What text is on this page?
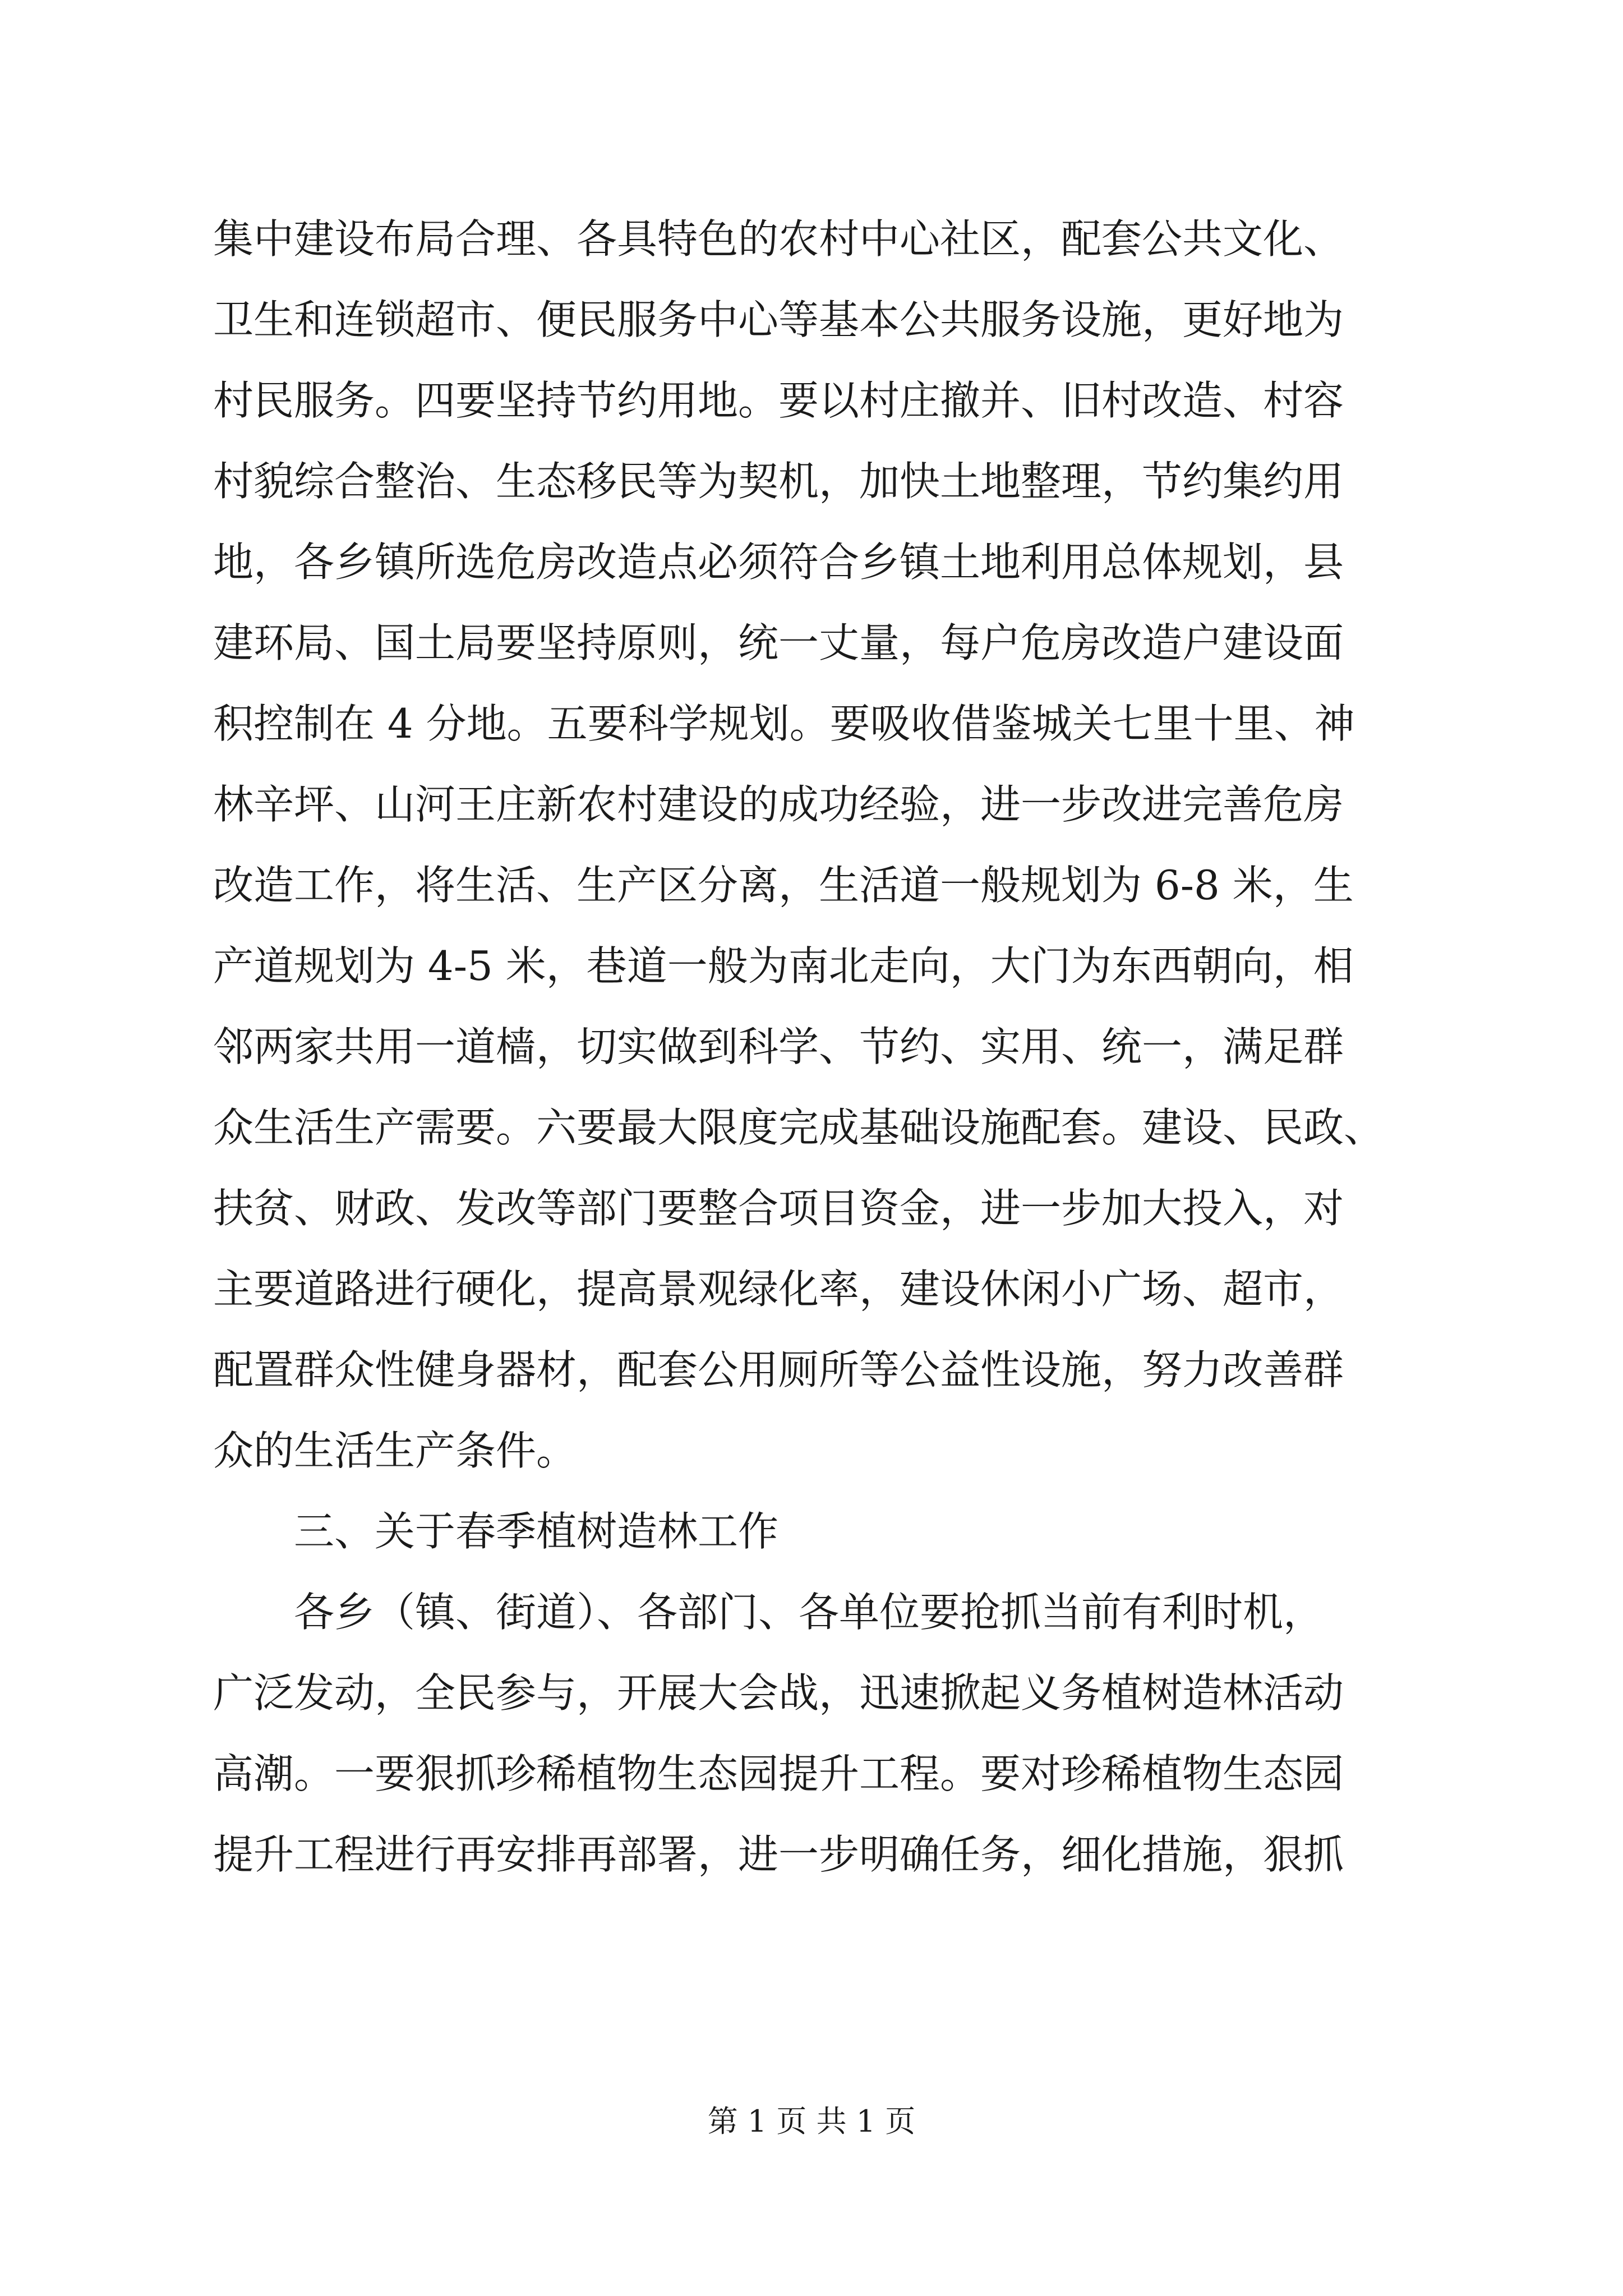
集中建设布局合理、各具特色的农村中心社区，配套公共文化、
卫生和连锁超市、便民服务中心等基本公共服务设施，更好地为
村民服务。四要坚持节约用地。要以村庄撤并、旧村改造、村容
村貌综合整治、生态移民等为契机，加快土地整理，节约集约用
地，各乡镇所选危房改造点必须符合乡镇土地利用总体规划，县
建环局、国土局要坚持原则，统一丈量，每户危房改造户建设面
积控制在 4 分地。五要科学规划。要吸收借鉴城关七里十里、神
林辛坪、山河王庄新农村建设的成功经验，进一步改进完善危房
改造工作，将生活、生产区分离，生活道一般规划为 6-8 米，生
产道规划为 4-5 米，巷道一般为南北走向，大门为东西朝向，相
邻两家共用一道樯，切实做到科学、节约、实用、统一，满足群
众生活生产需要。六要最大限度完成基础设施配套。建设、民政、
扶贫、财政、发改等部门要整合项目资金，进一步加大投入，对
主要道路进行硬化，提高景观绿化率，建设休闲小广场、超市，
配置群众性健身器材，配套公用厕所等公益性设施，努力改善群
众的生活生产条件。
三、关于春季植树造林工作
各乡（镇、街道）、各部门、各单位要抢抓当前有利时机，
广泛发动，全民参与，开展大会战，迅速掀起义务植树造林活动
高潮。一要狠抓珍稀植物生态园提升工程。要对珍稀植物生态园
提升工程进行再安排再部署，进一步明确任务，细化措施，狠抓
第 1 页 共 1 页
